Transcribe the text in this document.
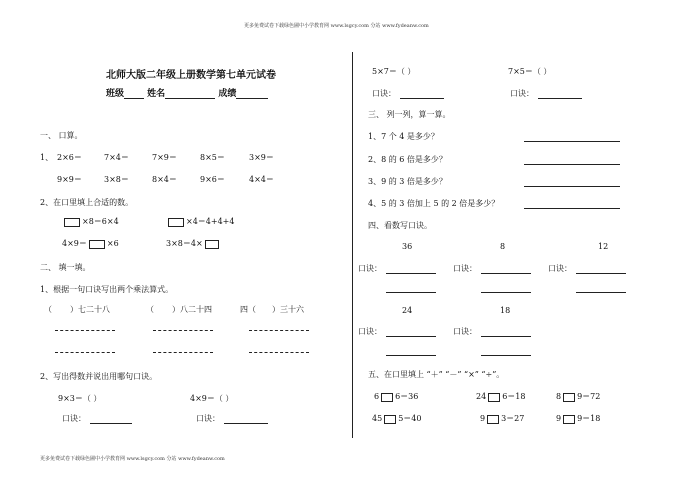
更多免费试卷下载绿色圃中小学教育网 www.lsgcy.com 分站 www.fydeanw.com
更多免费试卷下载绿色圃中小学教育网 www.lsgcy.com 分站 www.fydeanw.com
北师大版二年级上册数学第七单元试卷
班级	姓名	成绩
一、 口算。
1、 2×6＝	7×4＝	7×9＝	8×5＝	3×9＝
9×9＝	3×8＝	8×4＝	9×6＝	4×4＝
2、在口里填上合适的数。
×8＝6×4	×4＝4+4+4
4×9＝	×6	3×8＝4×
二、 填一填。
1、根据一句口诀写出两个乘法算式。
（ ）七二十八	（ ）八二十四	四（ ）三十六
2、写出得数并说出用哪句口诀。
9×3＝（ ）	4×9＝（ ）
口诀：	口诀：
5×7＝（ ）	7×5＝（ ）
口诀：	口诀：
三、 列一列，算一算。
1、7 个 4 是多少？
2、8 的 6 倍是多少？
3、9 的 3 倍是多少？
4、5 的 3 倍加上 5 的 2 倍是多少？
四、看数写口诀。
36	8	12
口诀：	口诀：	口诀：
24	18
口诀：	口诀：
五、在口里填上 “＋” “－” “×” “÷”。
6 6＝36	24 6＝18	8 9＝72
45 5＝40	9 3＝27	9 9＝18
